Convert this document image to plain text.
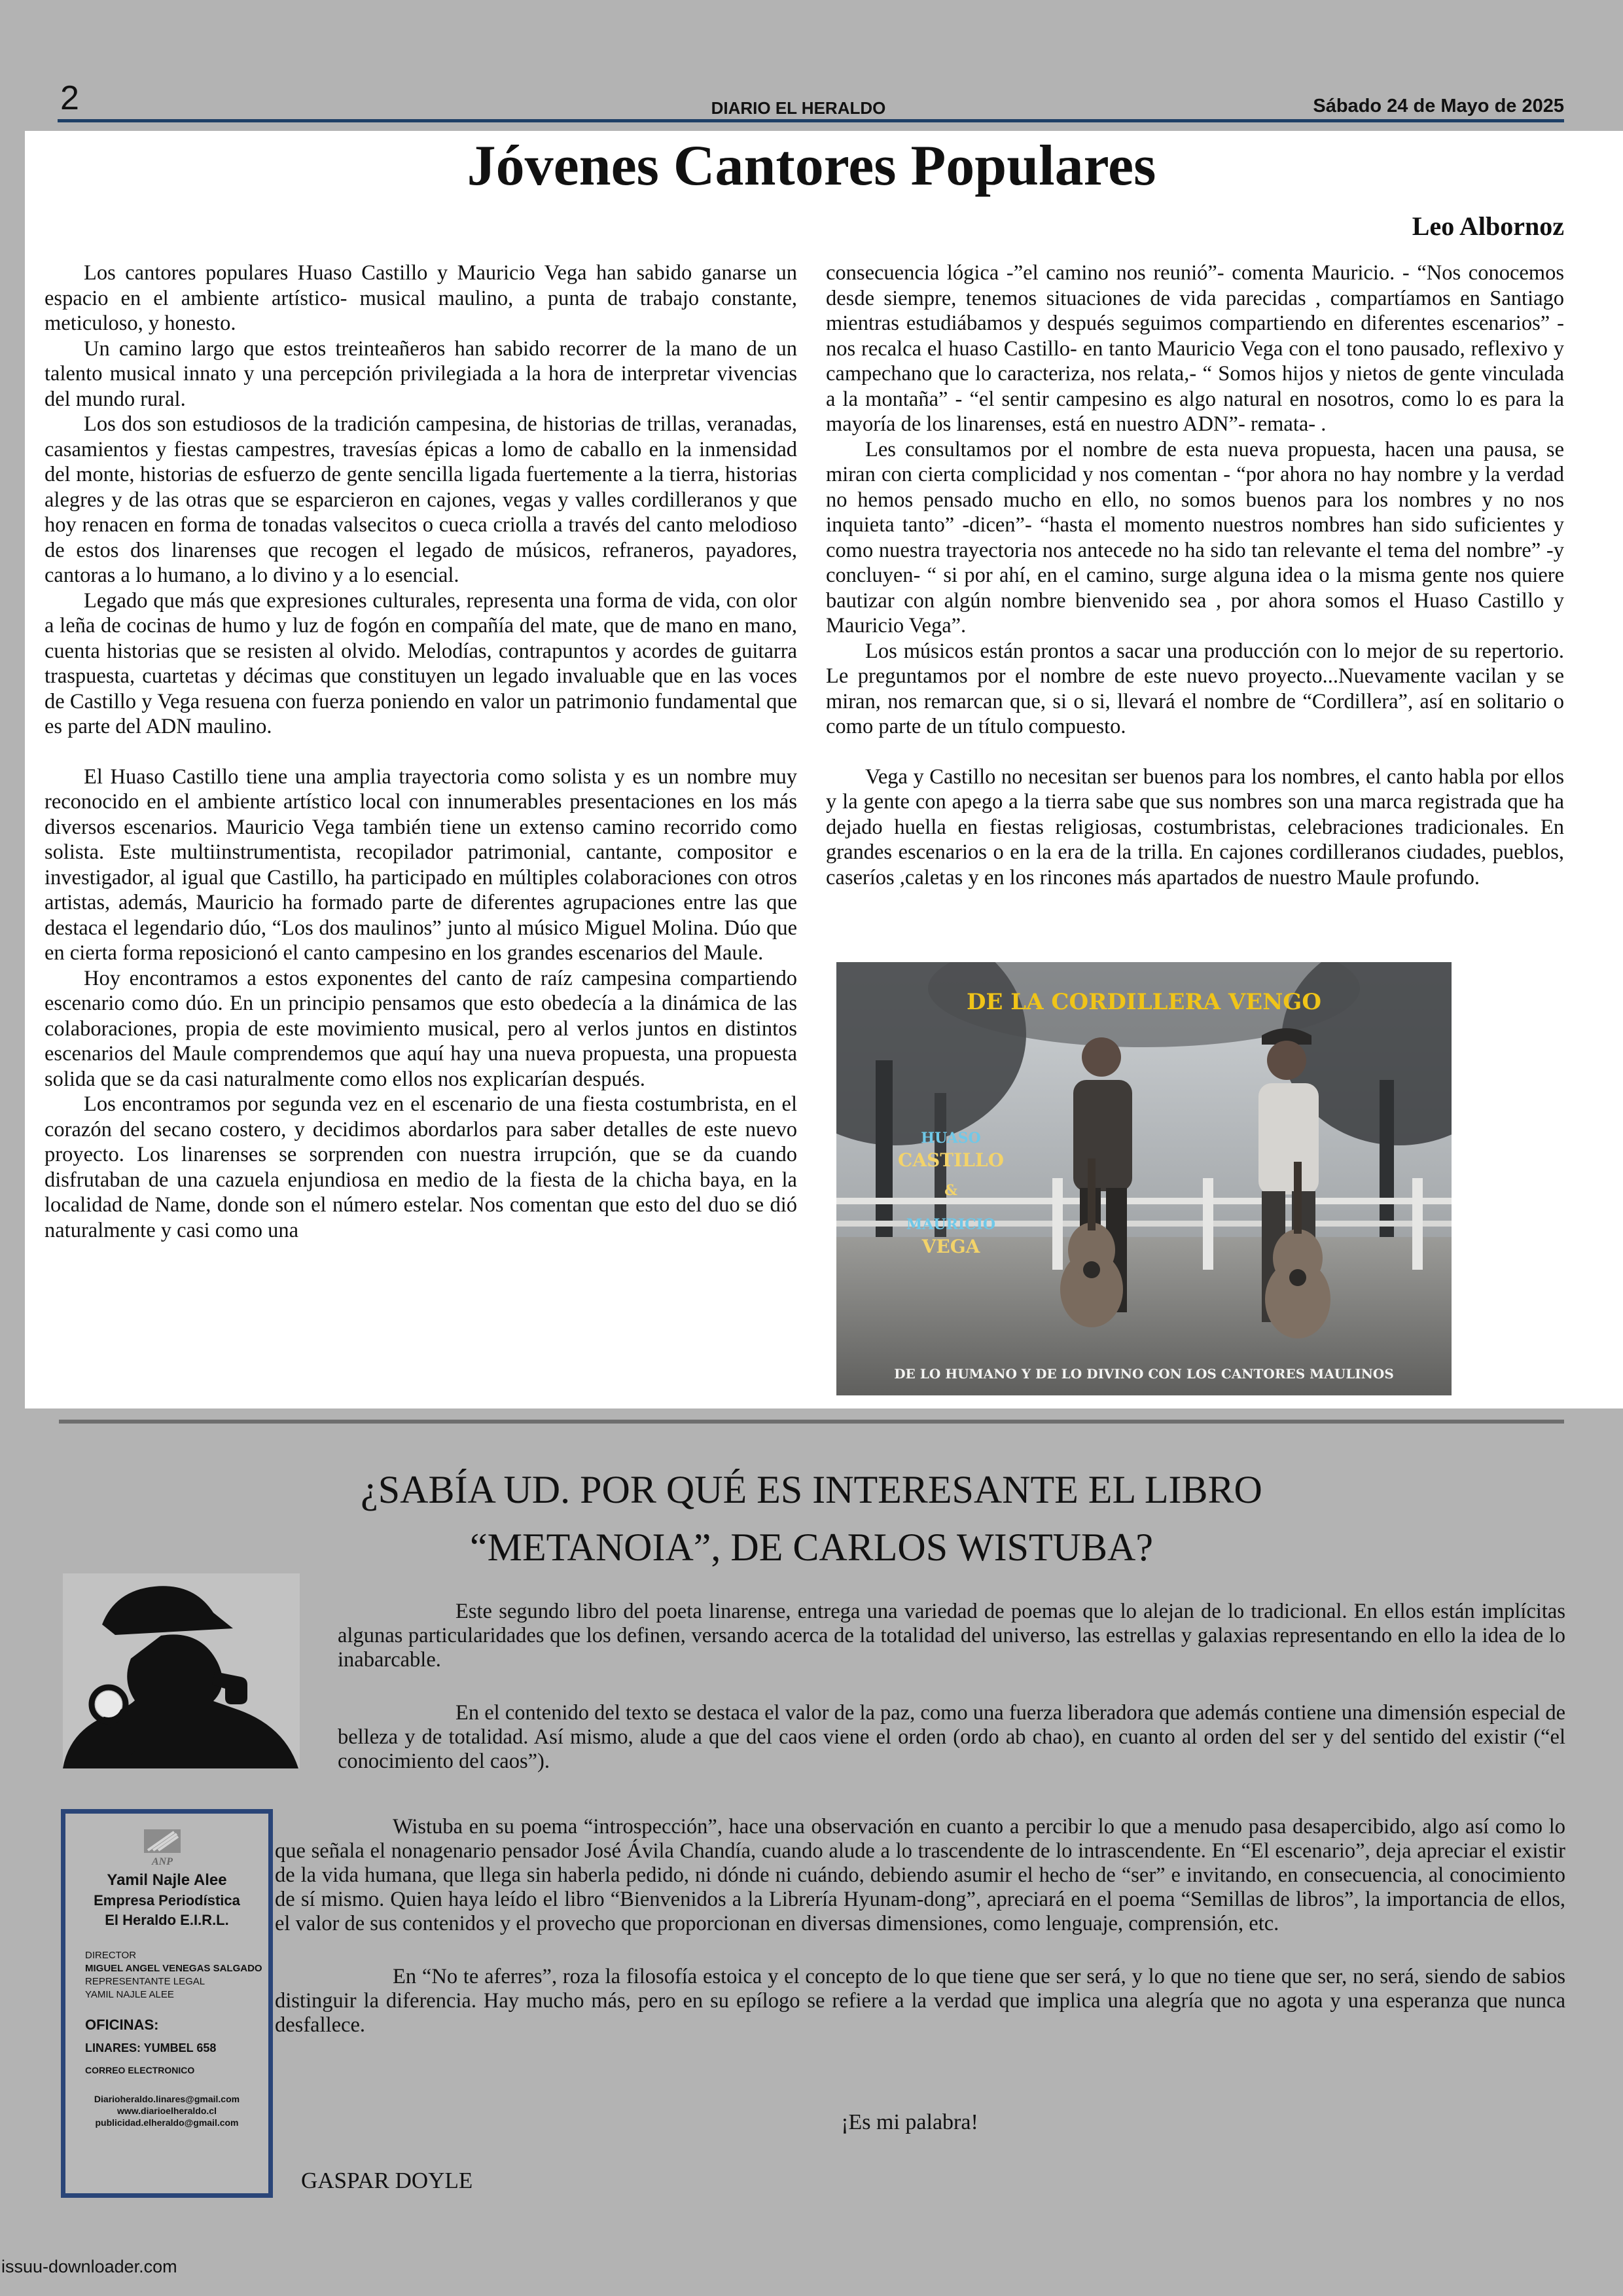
2	DIARIO EL HERALDO	Sábado 24 de Mayo de 2025
Jóvenes Cantores Populares
Leo Albornoz

Los cantores populares Huaso Castillo y Mauricio Vega han sabido ganarse un espacio en el ambiente artístico- musical maulino, a punta de trabajo constante, meticuloso, y honesto.

Un camino largo que estos treinteañeros han sabido recorrer de la mano de un talento musical innato y una percepción privilegiada a la hora de interpretar vivencias del mundo rural.

Los dos son estudiosos de la tradición campesina, de historias de trillas, veranadas, casamientos y fiestas campestres, travesías épicas a lomo de caballo en la inmensidad del monte, historias de esfuerzo de gente sencilla ligada fuertemente a la tierra, historias alegres y de las otras que se esparcieron en cajones, vegas y valles cordilleranos y que hoy renacen en forma de tonadas valsecitos o cueca criolla a través del canto melodioso de estos dos linarenses que recogen el legado de músicos, refraneros, payadores, cantoras a lo humano, a lo divino y a lo esencial.

Legado que más que expresiones culturales, representa una forma de vida, con olor a leña de cocinas de humo y luz de fogón en compañía del mate, que de mano en mano, cuenta historias que se resisten al olvido. Melodías, contrapuntos y acordes de guitarra traspuesta, cuartetas y décimas que constituyen un legado invaluable que en las voces de Castillo y Vega resuena con fuerza poniendo en valor un patrimonio fundamental que es parte del ADN maulino.

El Huaso Castillo tiene una amplia trayectoria como solista y es un nombre muy reconocido en el ambiente artístico local con innumerables presentaciones en los más diversos escenarios. Mauricio Vega también tiene un extenso camino recorrido como solista. Este multiinstrumentista, recopilador patrimonial, cantante, compositor e investigador, al igual que Castillo, ha participado en múltiples colaboraciones con otros artistas, además, Mauricio ha formado parte de diferentes agrupaciones entre las que destaca el legendario dúo, “Los dos maulinos” junto al músico Miguel Molina. Dúo que en cierta forma reposicionó el canto campesino en los grandes escenarios del Maule.

Hoy encontramos a estos exponentes del canto de raíz campesina compartiendo escenario como dúo. En un principio pensamos que esto obedecía a la dinámica de las colaboraciones, propia de este movimiento musical, pero al verlos juntos en distintos escenarios del Maule comprendemos que aquí hay una nueva propuesta, una propuesta solida que se da casi naturalmente como ellos nos explicarían después.

Los encontramos por segunda vez en el escenario de una fiesta costumbrista, en el corazón del secano costero, y decidimos abordarlos para saber detalles de este nuevo proyecto. Los linarenses se sorprenden con nuestra irrupción, que se da cuando disfrutaban de una cazuela enjundiosa en medio de la fiesta de la chicha baya, en la localidad de Name, donde son el número estelar. Nos comentan que esto del duo se dió naturalmente y casi como una

consecuencia lógica -”el camino nos reunió”- comenta Mauricio. - “Nos conocemos desde siempre, tenemos situaciones de vida parecidas , compartíamos en Santiago mientras estudiábamos y después seguimos compartiendo en diferentes escenarios” -nos recalca el huaso Castillo- en tanto Mauricio Vega con el tono pausado, reflexivo y campechano que lo caracteriza, nos relata,- “ Somos hijos y nietos de gente vinculada a la montaña” - “el sentir campesino es algo natural en nosotros, como lo es para la mayoría de los linarenses, está en nuestro ADN”- remata- .

Les consultamos por el nombre de esta nueva propuesta, hacen una pausa, se miran con cierta complicidad y nos comentan - “por ahora no hay nombre y la verdad no hemos pensado mucho en ello, no somos buenos para los nombres y no nos inquieta tanto” -dicen”- “hasta el momento nuestros nombres han sido suficientes y como nuestra trayectoria nos antecede no ha sido tan relevante el tema del nombre” -y concluyen- “ si por ahí, en el camino, surge alguna idea o la misma gente nos quiere bautizar con algún nombre bienvenido sea , por ahora somos el Huaso Castillo y Mauricio Vega”.

Los músicos están prontos a sacar una producción con lo mejor de su repertorio. Le preguntamos por el nombre de este nuevo proyecto...Nuevamente vacilan y se miran, nos remarcan que, si o si, llevará el nombre de “Cordillera”, así en solitario o como parte de un título compuesto.

Vega y Castillo no necesitan ser buenos para los nombres, el canto habla por ellos y la gente con apego a la tierra sabe que sus nombres son una marca registrada que ha dejado huella en fiestas religiosas, costumbristas, celebraciones tradicionales. En grandes escenarios o en la era de la trilla. En cajones cordilleranos ciudades, pueblos, caseríos ,caletas y en los rincones más apartados de nuestro Maule profundo.

DE LA CORDILLERA VENGO
HUASO
CASTILLO
&
MAURICIO
VEGA
DE LO HUMANO Y DE LO DIVINO CON LOS CANTORES MAULINOS
¿SABÍA UD. POR QUÉ ES INTERESANTE EL LIBRO
“METANOIA”, DE CARLOS WISTUBA?

Este segundo libro del poeta linarense, entrega una variedad de poemas que lo alejan de lo tradicional. En ellos están implícitas algunas particularidades que los definen, versando acerca de la totalidad del universo, las estrellas y galaxias representando en ello la idea de lo inabarcable.

En el contenido del texto se destaca el valor de la paz, como una fuerza liberadora que además contiene una dimensión especial de belleza y de totalidad. Así mismo, alude a que del caos viene el orden (ordo ab chao), en cuanto al orden del ser y del sentido del existir (“el conocimiento del caos”).

Wistuba en su poema “introspección”, hace una observación en cuanto a percibir lo que a menudo pasa desapercibido, algo así como lo que señala el nonagenario pensador José Ávila Chandía, cuando alude a lo trascendente de lo intrascendente. En “El escenario”, deja apreciar el existir de la vida humana, que llega sin haberla pedido, ni dónde ni cuándo, debiendo asumir el hecho de “ser” e invitando, en consecuencia, al conocimiento de sí mismo. Quien haya leído el libro “Bienvenidos a la Librería Hyunam-dong”, apreciará en el poema “Semillas de libros”, la importancia de ellos, el valor de sus contenidos y el provecho que proporcionan en diversas dimensiones, como lenguaje, comprensión, etc.

En “No te aferres”, roza la filosofía estoica y el concepto de lo que tiene que ser será, y lo que no tiene que ser, no será, siendo de sabios distinguir la diferencia. Hay mucho más, pero en su epílogo se refiere a la verdad que implica una alegría que no agota y una esperanza que nunca desfallece.

¡Es mi palabra!
GASPAR DOYLE
ANP
Yamil Najle Alee
Empresa Periodística
El Heraldo E.I.R.L.
DIRECTOR
MIGUEL ANGEL VENEGAS SALGADO
REPRESENTANTE LEGAL
YAMIL NAJLE ALEE
OFICINAS:
LINARES: YUMBEL 658
CORREO ELECTRONICO
Diarioheraldo.linares@gmail.com
www.diarioelheraldo.cl
publicidad.elheraldo@gmail.com
issuu-downloader.com
